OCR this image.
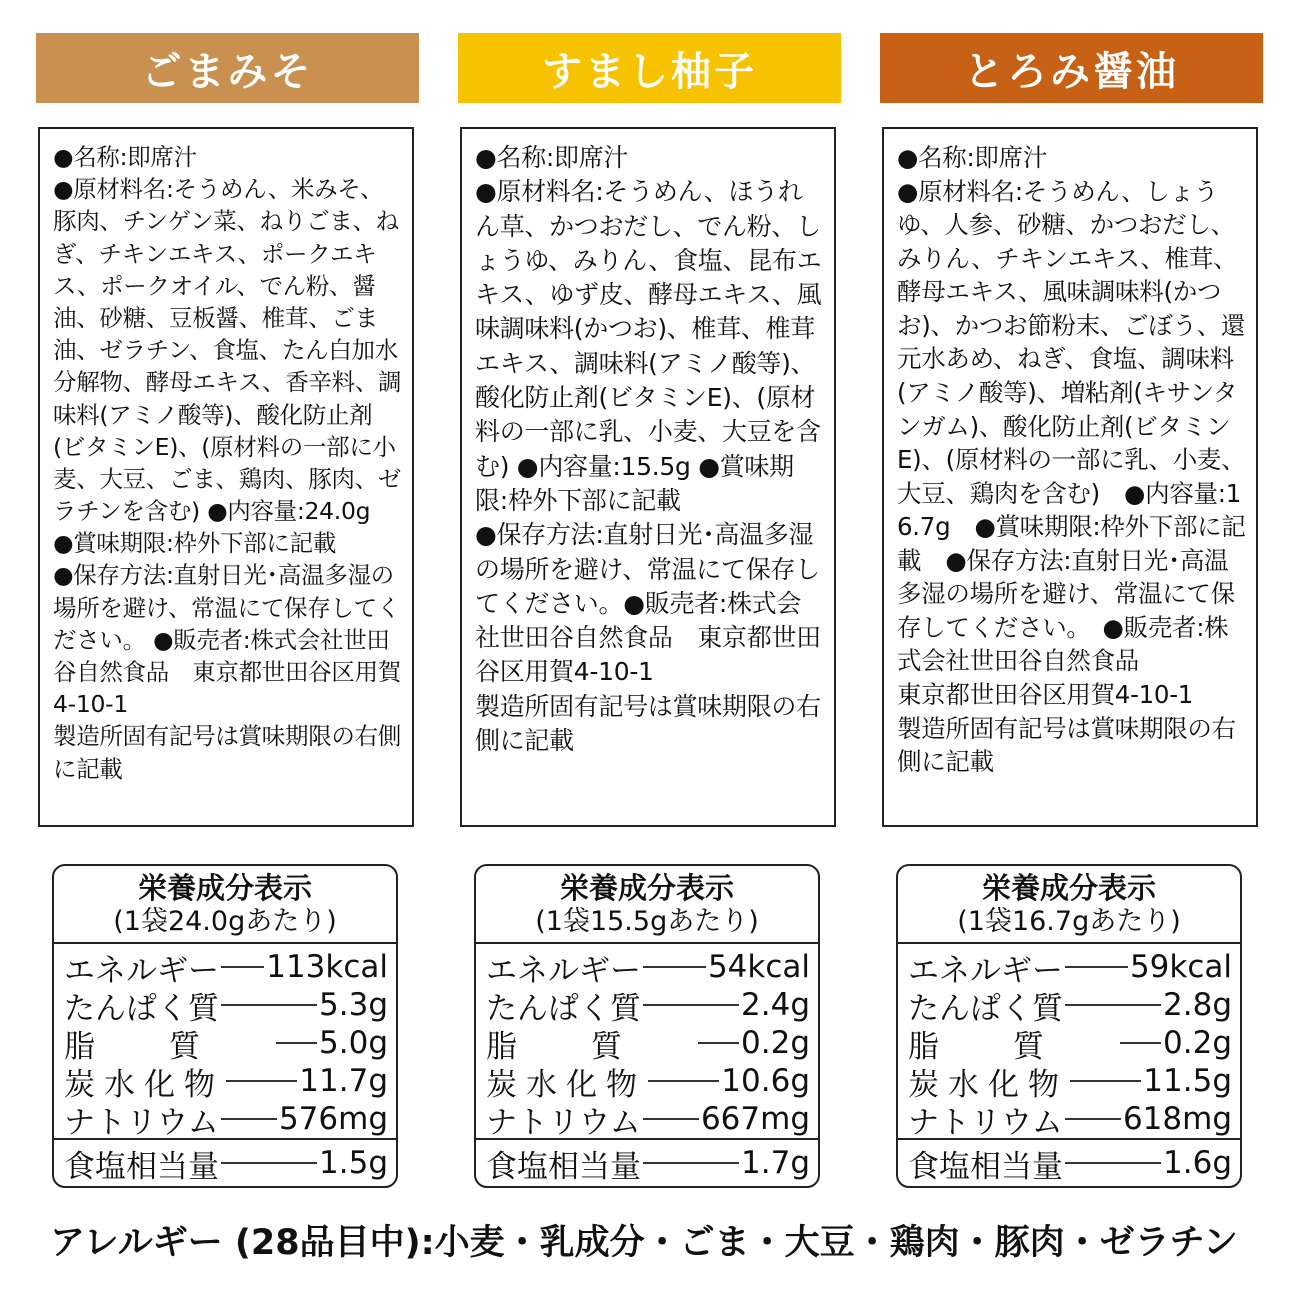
ごまみそ

●名称:即席汁
●原材料名:そうめん、米みそ、豚肉、チンゲン菜、ねりごま、ねぎ、チキンエキス、ポークエキス、ポークオイル、でん粉、醤油、砂糖、豆板醤、椎茸、ごま油、ゼラチン、食塩、たん白加水分解物、酵母エキス、香辛料、調味料(アミノ酸等)、酸化防止剤(ビタミンE)、(原材料の一部に小麦、大豆、ごま、鶏肉、豚肉、ゼラチンを含む) ●内容量:24.0g
●賞味期限:枠外下部に記載
●保存方法:直射日光･高温多湿の場所を避け、常温にて保存してください。 ●販売者:株式会社世田谷自然食品　東京都世田谷区用賀4-10-1
製造所固有記号は賞味期限の右側に記載

栄養成分表示
(1袋24.0gあたり)
エネルギー 113kcal
たんぱく質	5.3g
脂質 5.0g
炭水化物 11.7g
ナトリウム 576mg
食塩相当量	1.5g
すまし柚子

●名称:即席汁
●原材料名:そうめん、ほうれん草、かつおだし、でん粉、しょうゆ、みりん、食塩、昆布エキス、ゆず皮、酵母エキス、風味調味料(かつお)、椎茸、椎茸エキス、調味料(アミノ酸等)、酸化防止剤(ビタミンE)、(原材料の一部に乳、小麦、大豆を含む) ●内容量:15.5g ●賞味期限:枠外下部に記載
●保存方法:直射日光･高温多湿の場所を避け、常温にて保存してください。●販売者:株式会社世田谷自然食品　東京都世田谷区用賀4-10-1
製造所固有記号は賞味期限の右側に記載

栄養成分表示
(1袋15.5gあたり)
エネルギー 54kcal
たんぱく質	2.4g
脂質 0.2g
炭水化物 10.6g
ナトリウム 667mg
食塩相当量	1.7g
とろみ醤油

●名称:即席汁
●原材料名:そうめん、しょうゆ、人参、砂糖、かつおだし、みりん、チキンエキス、椎茸、酵母エキス、風味調味料(かつお)、かつお節粉末、ごぼう、還元水あめ、ねぎ、食塩、調味料(アミノ酸等)、増粘剤(キサンタンガム)、酸化防止剤(ビタミンE)、(原材料の一部に乳、小麦、大豆、鶏肉を含む)　●内容量:16.7g　●賞味期限:枠外下部に記載　●保存方法:直射日光･高温多湿の場所を避け、常温にて保存してください。　●販売者:株式会社世田谷自然食品
東京都世田谷区用賀4-10-1
製造所固有記号は賞味期限の右側に記載

栄養成分表示
(1袋16.7gあたり)
エネルギー 59kcal
たんぱく質	2.8g
脂質 0.2g
炭水化物 11.5g
ナトリウム 618mg
食塩相当量	1.6g
アレルギー (28品目中):小麦・乳成分・ごま・大豆・鶏肉・豚肉・ゼラチン
